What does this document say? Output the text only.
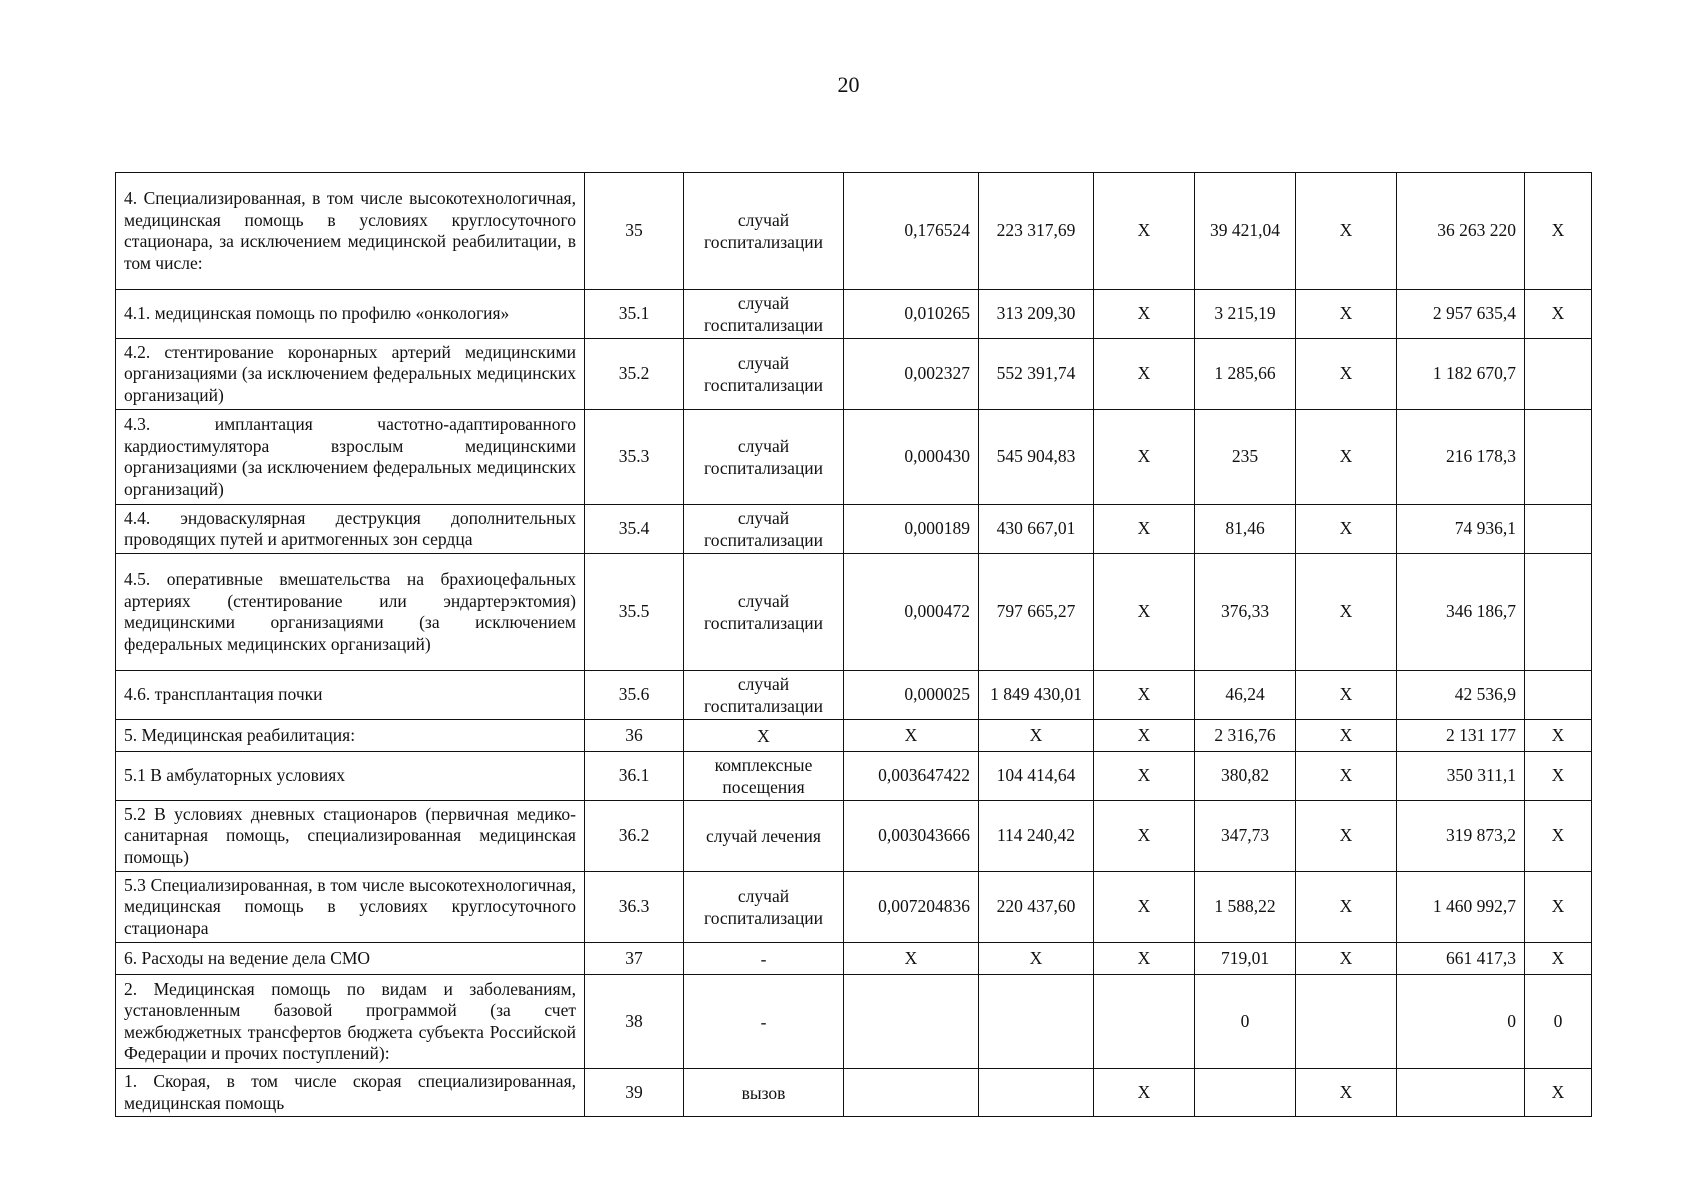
20
4. Специализированная, в том числе высокотехнологичная, медицинская помощь в условиях круглосуточного стационара, за исключением медицинской реабилитации, в том числе:	35	случай госпитализации	0,176524	223 317,69	Х	39 421,04	Х	36 263 220	Х
4.1. медицинская помощь по профилю «онкология»	35.1	случай госпитализации	0,010265	313 209,30	Х	3 215,19	Х	2 957 635,4	Х
4.2. стентирование коронарных артерий медицинскими организациями (за исключением федеральных медицинских организаций)	35.2	случай госпитализации	0,002327	552 391,74	Х	1 285,66	Х	1 182 670,7	
4.3. имплантация частотно-адаптированного кардиостимулятора взрослым медицинскими организациями (за исключением федеральных медицинских организаций)	35.3	случай госпитализации	0,000430	545 904,83	Х	235	Х	216 178,3	
4.4. эндоваскулярная деструкция дополнительных проводящих путей и аритмогенных зон сердца	35.4	случай госпитализации	0,000189	430 667,01	Х	81,46	Х	74 936,1	
4.5. оперативные вмешательства на брахиоцефальных артериях (стентирование или эндартерэктомия) медицинскими организациями (за исключением федеральных медицинских организаций)	35.5	случай госпитализации	0,000472	797 665,27	Х	376,33	Х	346 186,7	
4.6. трансплантация почки	35.6	случай госпитализации	0,000025	1 849 430,01	Х	46,24	Х	42 536,9	
5. Медицинская реабилитация:	36	Х	Х	Х	Х	2 316,76	Х	2 131 177	Х
5.1 В амбулаторных условиях	36.1	комплексные посещения	0,003647422	104 414,64	Х	380,82	Х	350 311,1	Х
5.2 В условиях дневных стационаров (первичная медико-санитарная помощь, специализированная медицинская помощь)	36.2	случай лечения	0,003043666	114 240,42	Х	347,73	Х	319 873,2	Х
5.3 Специализированная, в том числе высокотехнологичная, медицинская помощь в условиях круглосуточного стационара	36.3	случай госпитализации	0,007204836	220 437,60	Х	1 588,22	Х	1 460 992,7	Х
6. Расходы на ведение дела СМО	37	-	Х	Х	Х	719,01	Х	661 417,3	Х
2. Медицинская помощь по видам и заболеваниям, установленным базовой программой (за счет межбюджетных трансфертов бюджета субъекта Российской Федерации и прочих поступлений):	38	-				0		0	0
1. Скорая, в том числе скорая специализированная, медицинская помощь	39	вызов			Х		Х		Х
